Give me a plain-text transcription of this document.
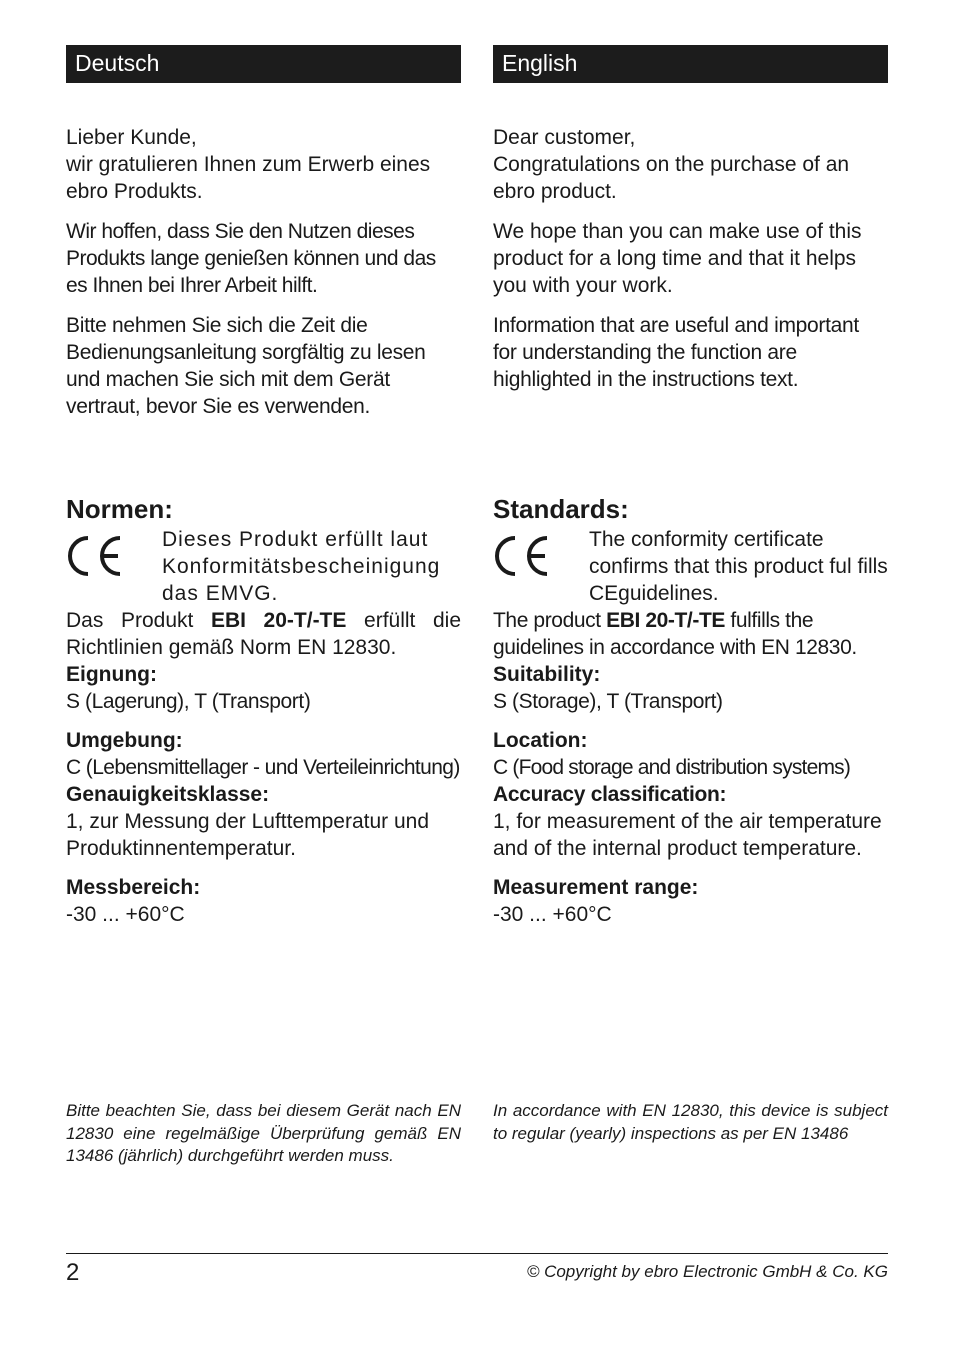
Deutsch	English

Lieber Kunde,
wir gratulieren Ihnen zum Erwerb eines ebro Produkts.

Wir hoffen, dass Sie den Nutzen dieses Produkts lange genießen können und das es Ihnen bei Ihrer Arbeit hilft.

Bitte nehmen Sie sich die Zeit die Bedienungsanleitung sorgfältig zu lesen und machen Sie sich mit dem Gerät vertraut, bevor Sie es verwenden.

Dear customer,
Congratulations on the purchase of an ebro product.

We hope than you can make use of this product for a long time and that it helps you with your work.

Information that are useful and important for understanding the function are highlighted in the instructions text.

Normen:

Dieses Produkt erfüllt laut Konformitätsbescheinigung das EMVG.

Das Produkt EBI 20-T/-TE erfüllt die Richtlinien gemäß Norm EN 12830.

Eignung:

S (Lagerung), T (Transport)

Umgebung:

C (Lebensmittellager - und Verteileinrichtung)

Genauigkeitsklasse:

1, zur Messung der Lufttemperatur und Produktinnentemperatur.

Messbereich:

-30 ... +60°C

Standards:

The conformity certificate confirms that this product ful fills CEguidelines.

The product EBI 20-T/-TE fulfills the guidelines in accordance with EN 12830.

Suitability:

S (Storage), T (Transport)

Location:

C (Food storage and distribution systems)

Accuracy classification:

1, for measurement of the air temperature and of the internal product temperature.

Measurement range:

-30 ... +60°C

Bitte beachten Sie, dass bei diesem Gerät nach EN 12830 eine regelmäßige Überprüfung gemäß EN 13486 (jährlich) durchgeführt werden muss.
In accordance with EN 12830, this device is subject to regular (yearly) inspections as per EN 13486
2	© Copyright by ebro Electronic GmbH & Co. KG
